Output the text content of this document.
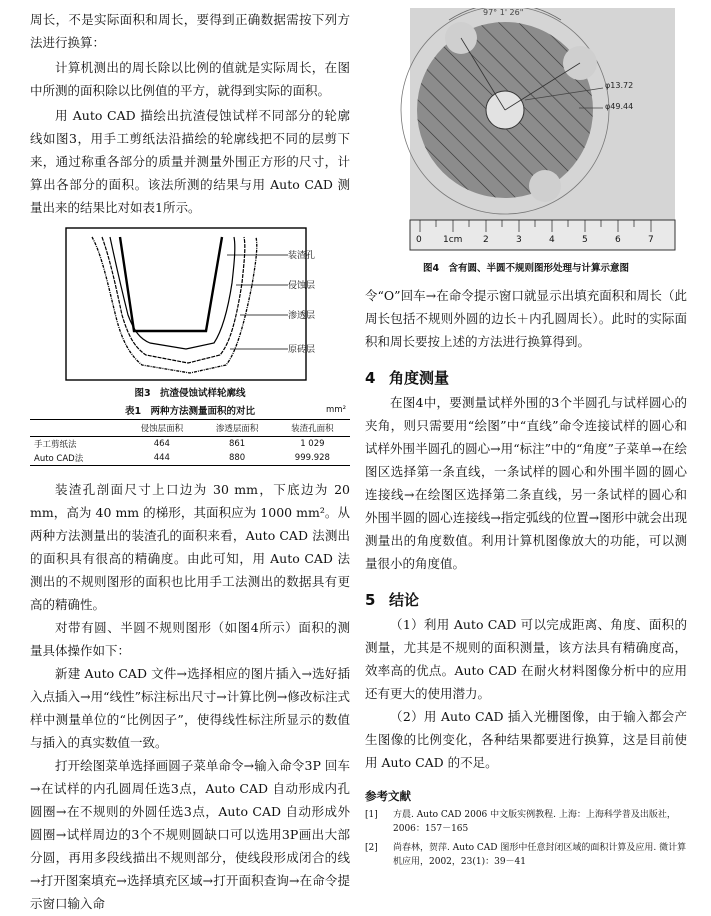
周长，不是实际面积和周长，要得到正确数据需按下列方法进行换算：

计算机测出的周长除以比例的值就是实际周长，在图中所测的面积除以比例值的平方，就得到实际的面积。

用 Auto CAD 描绘出抗渣侵蚀试样不同部分的轮廓线如图3，用手工剪纸法沿描绘的轮廓线把不同的层剪下来，通过称重各部分的质量并测量外围正方形的尺寸，计算出各部分的面积。该法所测的结果与用 Auto CAD 测量出来的结果比对如表1所示。

装渣孔
侵蚀层
渗透层
原砖层
图3　抗渣侵蚀试样轮廓线
表1　两种方法测量面积的对比	mm²
	侵蚀层面积	渗透层面积	装渣孔面积
手工剪纸法	464	861	1 029
Auto CAD法	444	880	999.928

装渣孔剖面尺寸上口边为 30 mm，下底边为 20 mm，高为 40 mm 的梯形，其面积应为 1000 mm²。从两种方法测量出的装渣孔的面积来看，Auto CAD 法测出的面积具有很高的精确度。由此可知，用 Auto CAD 法测出的不规则图形的面积也比用手工法测出的数据具有更高的精确性。

对带有圆、半圆不规则图形（如图4所示）面积的测量具体操作如下：

新建 Auto CAD 文件→选择相应的图片插入→选好插入点插入→用“线性”标注标出尺寸→计算比例→修改标注式样中测量单位的“比例因子”，使得线性标注所显示的数值与插入的真实数值一致。

打开绘图菜单选择画圆子菜单命令→输入命令3P 回车→在试样的内孔圆周任选3点，Auto CAD 自动形成内孔圆圈→在不规则的外圆任选3点，Auto CAD 自动形成外圆圈→试样周边的3个不规则圆缺口可以选用3P画出大部分圆，再用多段线描出不规则部分，使线段形成闭合的线→打开图案填充→选择填充区域→打开面积查询→在命令提示窗口输入命

97° 1' 26"
φ13.72
φ49.44
0 1cm 2	3	4	5	6	7
图4　含有圆、半圆不规则图形处理与计算示意图

令“O”回车→在命令提示窗口就显示出填充面积和周长（此周长包括不规则外圆的边长＋内孔圆周长）。此时的实际面积和周长要按上述的方法进行换算得到。

4 角度测量

在图4中，要测量试样外围的3个半圆孔与试样圆心的夹角，则只需要用“绘图”中“直线”命令连接试样的圆心和试样外围半圆孔的圆心→用“标注”中的“角度”子菜单→在绘图区选择第一条直线，一条试样的圆心和外围半圆的圆心连接线→在绘图区选择第二条直线，另一条试样的圆心和外围半圆的圆心连接线→指定弧线的位置→图形中就会出现测量出的角度数值。利用计算机图像放大的功能，可以测量很小的角度值。

5 结论

（1）利用 Auto CAD 可以完成距离、角度、面积的测量，尤其是不规则的面积测量，该方法具有精确度高，效率高的优点。Auto CAD 在耐火材料图像分析中的应用还有更大的使用潜力。

（2）用 Auto CAD 插入光栅图像，由于输入都会产生图像的比例变化，各种结果都要进行换算，这是目前使用 Auto CAD 的不足。

参考文献
[1] 方晨. Auto CAD 2006 中文版实例教程. 上海：上海科学普及出版社，2006：157－165
[2] 尚春林，贺萍. Auto CAD 图形中任意封闭区域的面积计算及应用. 微计算机应用，2002，23(1)：39－41
